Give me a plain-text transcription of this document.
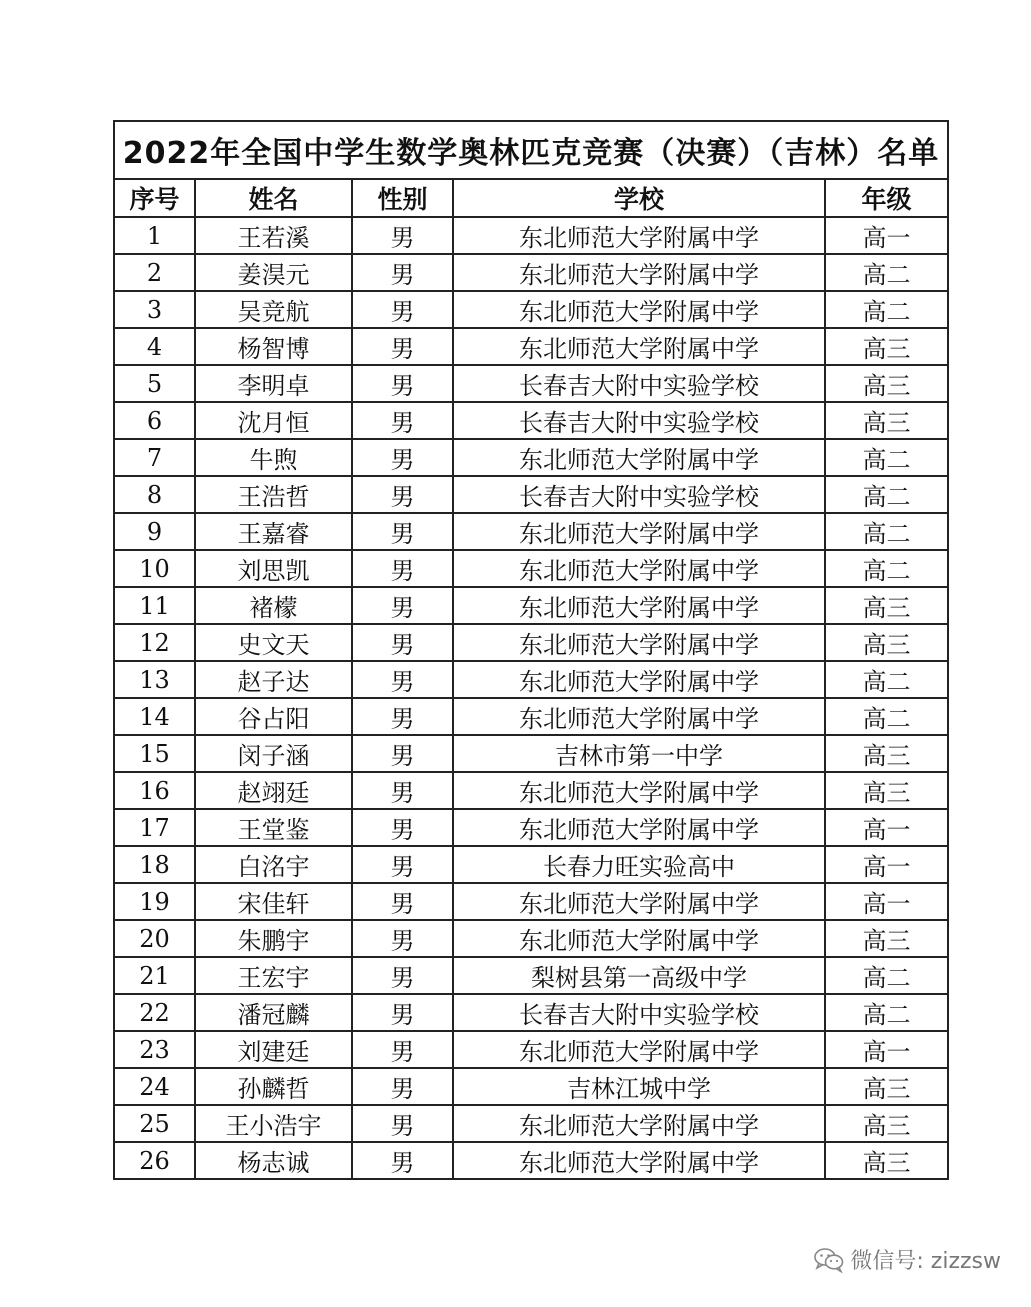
2022年全国中学生数学奥林匹克竞赛（决赛）（吉林）名单				
序号	姓名	性别	学校	年级
1	王若溪	男	东北师范大学附属中学	高一
2	姜淏元	男	东北师范大学附属中学	高二
3	吴竞航	男	东北师范大学附属中学	高二
4	杨智博	男	东北师范大学附属中学	高三
5	李明卓	男	长春吉大附中实验学校	高三
6	沈月恒	男	长春吉大附中实验学校	高三
7	牛煦	男	东北师范大学附属中学	高二
8	王浩哲	男	长春吉大附中实验学校	高二
9	王嘉睿	男	东北师范大学附属中学	高二
10	刘思凯	男	东北师范大学附属中学	高二
11	褚檬	男	东北师范大学附属中学	高三
12	史文天	男	东北师范大学附属中学	高三
13	赵子达	男	东北师范大学附属中学	高二
14	谷占阳	男	东北师范大学附属中学	高二
15	闵子涵	男	吉林市第一中学	高三
16	赵翊廷	男	东北师范大学附属中学	高三
17	王堂鉴	男	东北师范大学附属中学	高一
18	白洺宇	男	长春力旺实验高中	高一
19	宋佳轩	男	东北师范大学附属中学	高一
20	朱鹏宇	男	东北师范大学附属中学	高三
21	王宏宇	男	梨树县第一高级中学	高二
22	潘冠麟	男	长春吉大附中实验学校	高二
23	刘建廷	男	东北师范大学附属中学	高一
24	孙麟哲	男	吉林江城中学	高三
25	王小浩宇	男	东北师范大学附属中学	高三
26	杨志诚	男	东北师范大学附属中学	高三
微信号: zizzsw
